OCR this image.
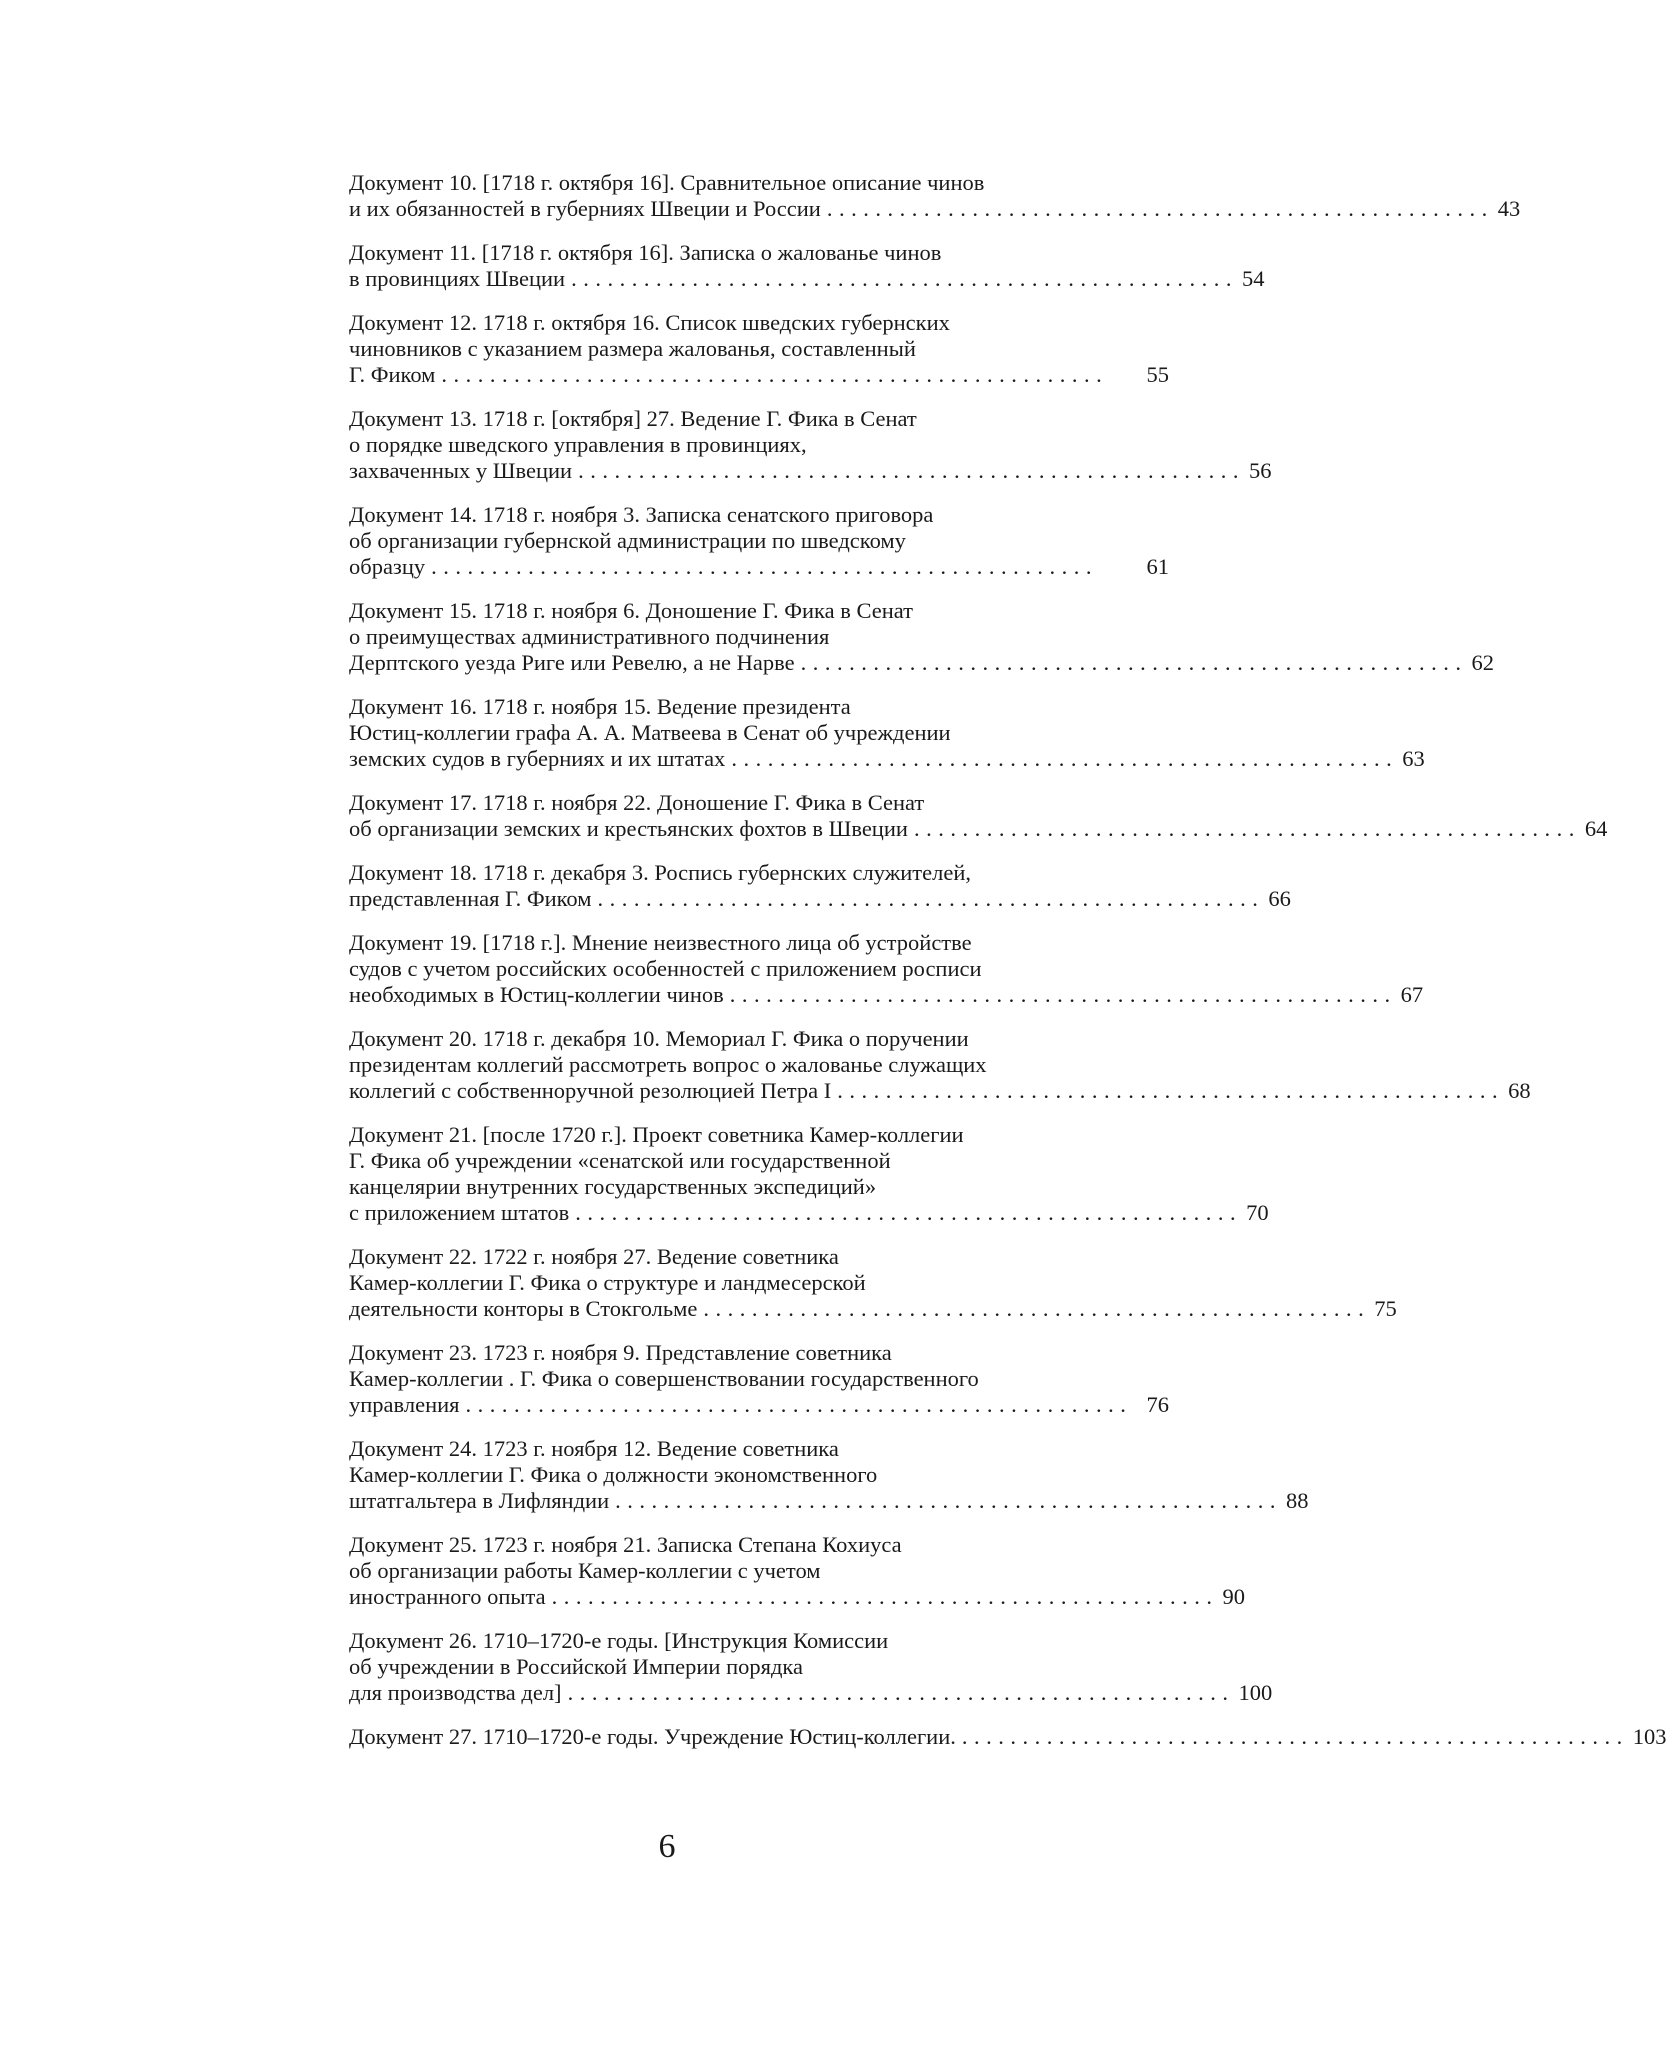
Документ 10. [1718 г. октября 16]. Сравнительное описание чинов
и их обязанностей в губерниях Швеции и России ....................................................... 43
Документ 11. [1718 г. октября 16]. Записка о жалованье чинов
в провинциях Швеции ....................................................... 54
Документ 12. 1718 г. октября 16. Список шведских губернских
чиновников с указанием размера жалованья, составленный
Г. Фиком .......................................................	55
Документ 13. 1718 г. [октября] 27. Ведение Г. Фика в Сенат
о порядке шведского управления в провинциях,
захваченных у Швеции ....................................................... 56
Документ 14. 1718 г. ноября 3. Записка сенатского приговора
об организации губернской администрации по шведскому
образцу .......................................................	61
Документ 15. 1718 г. ноября 6. Доношение Г. Фика в Сенат
о преимуществах административного подчинения
Дерптского уезда Риге или Ревелю, а не Нарве ....................................................... 62
Документ 16. 1718 г. ноября 15. Ведение президента
Юстиц-коллегии графа А. А. Матвеева в Сенат об учреждении
земских судов в губерниях и их штатах ....................................................... 63
Документ 17. 1718 г. ноября 22. Доношение Г. Фика в Сенат
об организации земских и крестьянских фохтов в Швеции ....................................................... 64
Документ 18. 1718 г. декабря 3. Роспись губернских служителей,
представленная Г. Фиком ....................................................... 66
Документ 19. [1718 г.]. Мнение неизвестного лица об устройстве
судов с учетом российских особенностей с приложением росписи
необходимых в Юстиц-коллегии чинов ....................................................... 67
Документ 20. 1718 г. декабря 10. Мемориал Г. Фика о поручении
президентам коллегий рассмотреть вопрос о жалованье служащих
коллегий с собственноручной резолюцией Петра I ....................................................... 68
Документ 21. [после 1720 г.]. Проект советника Камер-коллегии
Г. Фика об учреждении «сенатской или государственной
канцелярии внутренних государственных экспедиций»
с приложением штатов ....................................................... 70
Документ 22. 1722 г. ноября 27. Ведение советника
Камер-коллегии Г. Фика о структуре и ландмесерской
деятельности конторы в Стокгольме ....................................................... 75
Документ 23. 1723 г. ноября 9. Представление советника
Камер-коллегии . Г. Фика о совершенствовании государственного
управления ....................................................... 76
Документ 24. 1723 г. ноября 12. Ведение советника
Камер-коллегии Г. Фика о должности экономственного
штатгальтера в Лифляндии ....................................................... 88
Документ 25. 1723 г. ноября 21. Записка Степана Кохиуса
об организации работы Камер-коллегии с учетом
иностранного опыта ....................................................... 90
Документ 26. 1710–1720-е годы. [Инструкция Комиссии
об учреждении в Российской Империи порядка
для производства дел] ....................................................... 100
Документ 27. 1710–1720-е годы. Учреждение Юстиц-коллегии. ....................................................... 103
6
